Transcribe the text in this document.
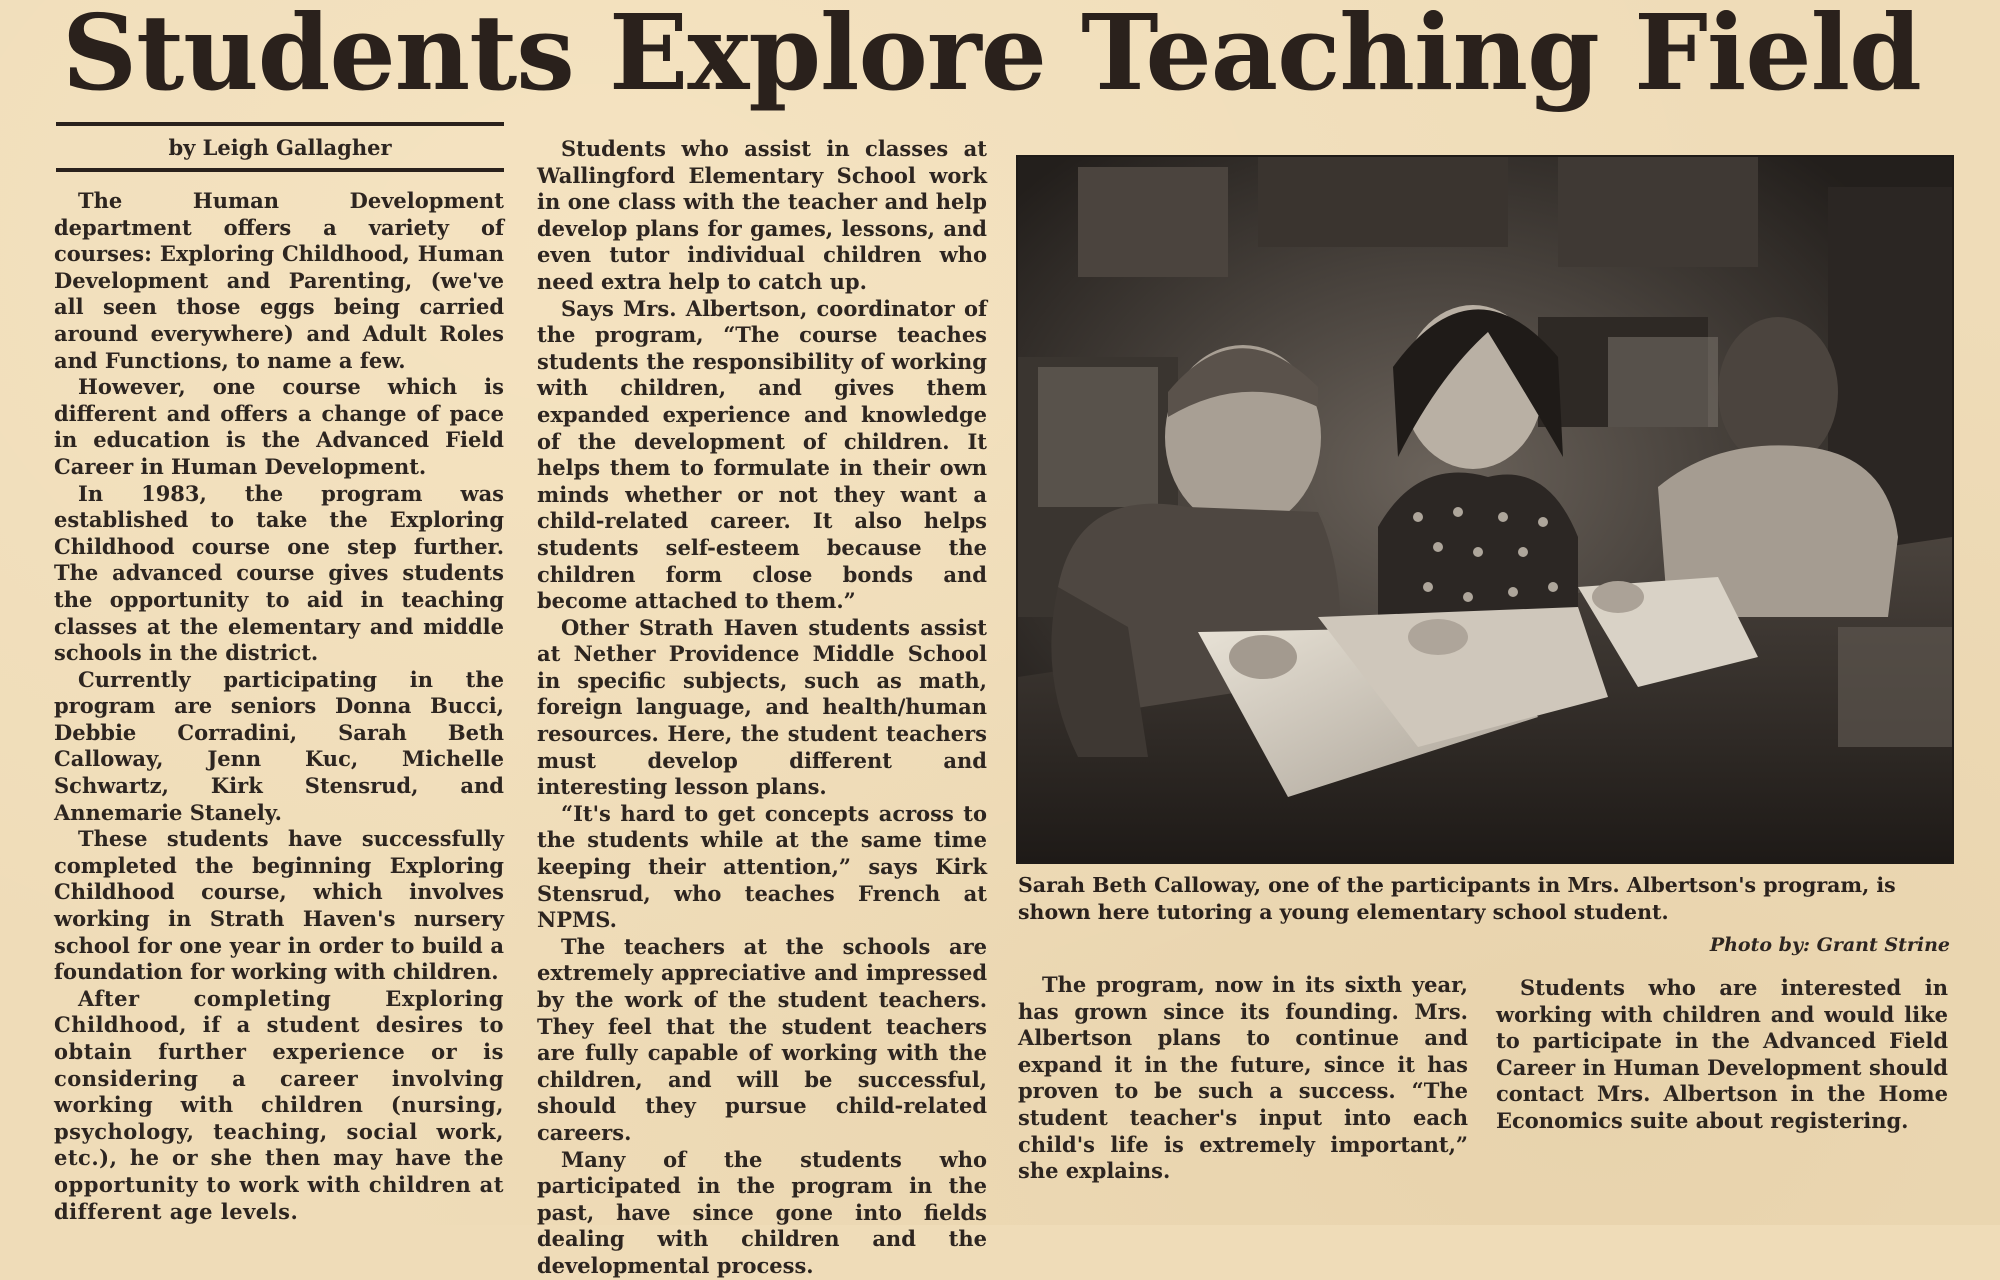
Students Explore Teaching Field
by Leigh Gallagher

The Human Development department offers a variety of courses: Exploring Childhood, Human Development and Parenting, (we've all seen those eggs being carried around everywhere) and Adult Roles and Functions, to name a few.

However, one course which is different and offers a change of pace in education is the Advanced Field Career in Human Development.

In 1983, the program was established to take the Exploring Childhood course one step further. The advanced course gives students the opportunity to aid in teaching classes at the elementary and middle schools in the district.

Currently participating in the program are seniors Donna Bucci, Debbie Corradini, Sarah Beth Calloway, Jenn Kuc, Michelle Schwartz, Kirk Stensrud, and Annemarie Stanely.

These students have successfully completed the beginning Exploring Childhood course, which involves working in Strath Haven's nursery school for one year in order to build a foundation for working with children.

After completing Exploring Childhood, if a student desires to obtain further experience or is considering a career involving working with children (nursing, psychology, teaching, social work, etc.), he or she then may have the opportunity to work with children at different age levels.

Students who assist in classes at Wallingford Elementary School work in one class with the teacher and help develop plans for games, lessons, and even tutor individual children who need extra help to catch up.

Says Mrs. Albertson, coordinator of the program, “The course teaches students the responsibility of working with children, and gives them expanded experience and knowledge of the development of children. It helps them to formulate in their own minds whether or not they want a child-related career. It also helps students self-esteem because the children form close bonds and become attached to them.”

Other Strath Haven students assist at Nether Providence Middle School in specific subjects, such as math, foreign language, and health/human resources. Here, the student teachers must develop different and interesting lesson plans.

“It's hard to get concepts across to the students while at the same time keeping their attention,” says Kirk Stensrud, who teaches French at NPMS.

The teachers at the schools are extremely appreciative and impressed by the work of the student teachers. They feel that the student teachers are fully capable of working with the children, and will be successful, should they pursue child-related careers.

Many of the students who participated in the program in the past, have since gone into fields dealing with children and the developmental process.

Sarah Beth Calloway, one of the participants in Mrs. Albertson's program, is shown here tutoring a young elementary school student.
Photo by: Grant Strine

The program, now in its sixth year, has grown since its founding. Mrs. Albertson plans to continue and expand it in the future, since it has proven to be such a success. “The student teacher's input into each child's life is extremely important,” she explains.

Students who are interested in working with children and would like to participate in the Advanced Field Career in Human Development should contact Mrs. Albertson in the Home Economics suite about registering.
